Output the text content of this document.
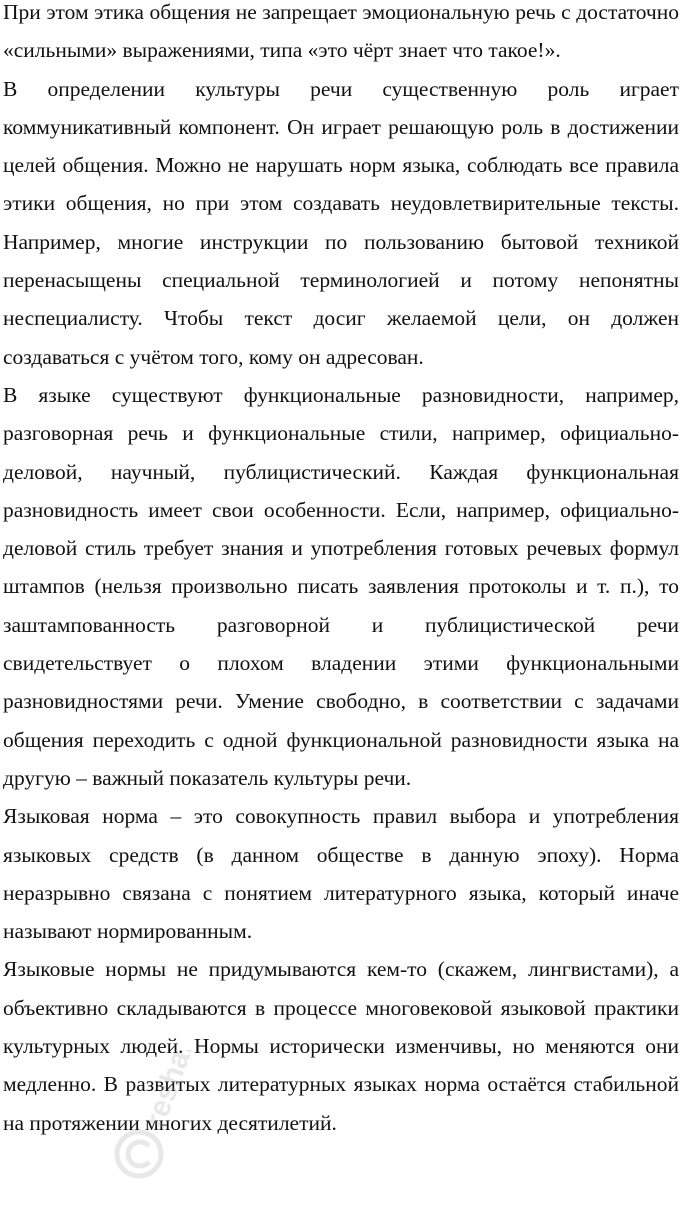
При этом этика общения не запрещает эмоциональную речь с достаточно «сильными» выражениями, типа «это чёрт знает что такое!».

В определении культуры речи существенную роль играет коммуникативный компонент. Он играет решающую роль в достижении целей общения. Можно не нарушать норм языка, соблюдать все правила этики общения, но при этом создавать неудовлетвирительные тексты. Например, многие инструкции по пользованию бытовой техникой перенасыщены специальной терминологией и потому непонятны неспециалисту. Чтобы текст досиг желаемой цели, он должен создаваться с учётом того, кому он адресован.

В языке существуют функциональные разновидности, например, разговорная речь и функциональные стили, например, официально-деловой, научный, публицистический. Каждая функциональная разновидность имеет свои особенности. Если, например, официально-деловой стиль требует знания и употребления готовых речевых формул штампов (нельзя произвольно писать заявления протоколы и т. п.), то заштампованность разговорной и публицистической речи свидетельствует о плохом владении этими функциональными разновидностями речи. Умение свободно, в соответствии с задачами общения переходить с одной функциональной разновидности языка на другую – важный показатель культуры речи.

Языковая норма – это совокупность правил выбора и употребления языковых средств (в данном обществе в данную эпоху). Норма неразрывно связана с понятием литературного языка, который иначе называют нормированным.

Языковые нормы не придумываются кем-то (скажем, лингвистами), а объективно складываются в процессе многовековой языковой практики культурных людей. Нормы исторически изменчивы, но меняются они медленно. В развитых литературных языках норма остаётся стабильной на протяжении многих десятилетий.

reshak.ru
